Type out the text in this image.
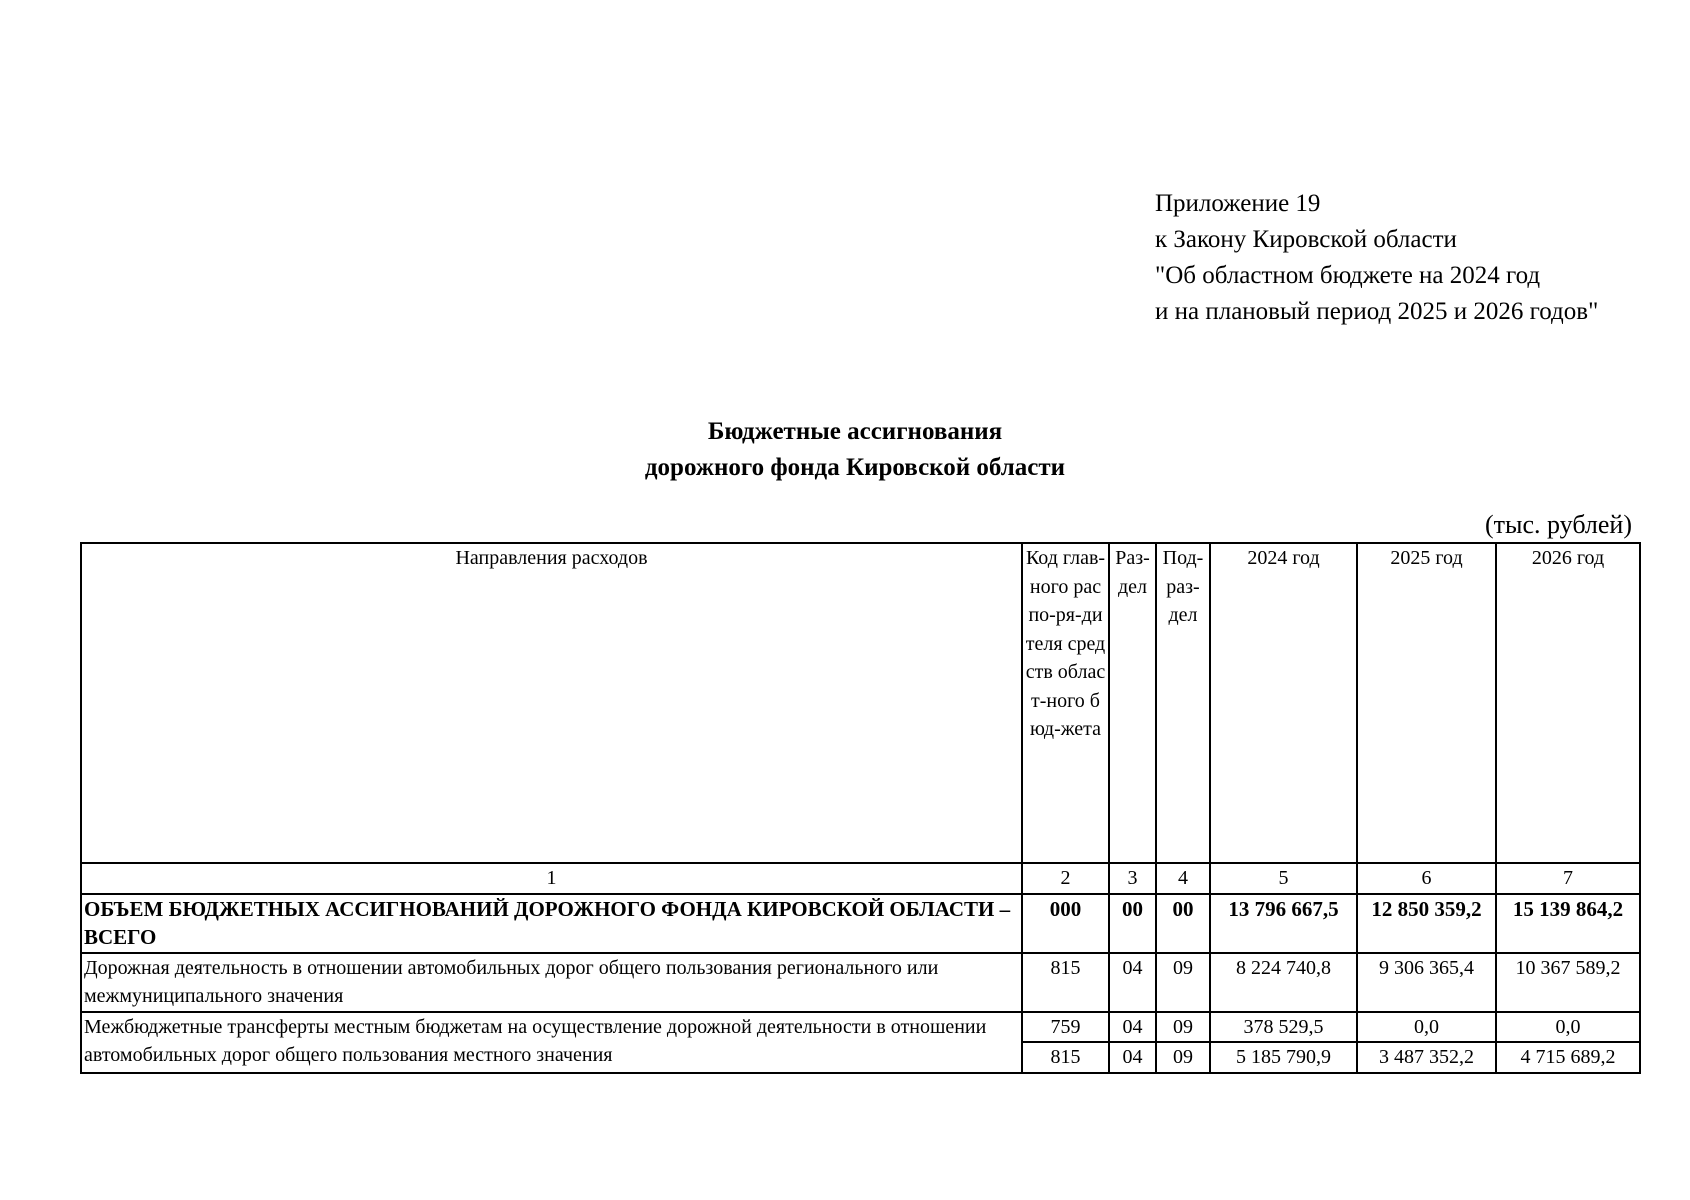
Приложение 19
к Закону Кировской области
"Об областном бюджете на 2024 год
и на плановый период 2025 и 2026 годов"
Бюджетные ассигнования
дорожного фонда Кировской области
(тыс. рублей)
Направления расходов	Код глав-ного распо-ря-дителя средств област-ного бюд-жета	Раз-дел	Под-раз-дел	2024 год	2025 год	2026 год
1	2	3	4	5	6	7
ОБЪЕМ БЮДЖЕТНЫХ АССИГНОВАНИЙ ДОРОЖНОГО ФОНДА КИРОВСКОЙ ОБЛАСТИ – ВСЕГО	000	00	00	13 796 667,5	12 850 359,2	15 139 864,2
Дорожная деятельность в отношении автомобильных дорог общего пользования регионального или межмуниципального значения	815	04	09	8 224 740,8	9 306 365,4	10 367 589,2
Межбюджетные трансферты местным бюджетам на осуществление дорожной деятельности в отношении автомобильных дорог общего пользования местного значения	759	04	09	378 529,5	0,0	0,0
	815	04	09	5 185 790,9	3 487 352,2	4 715 689,2
